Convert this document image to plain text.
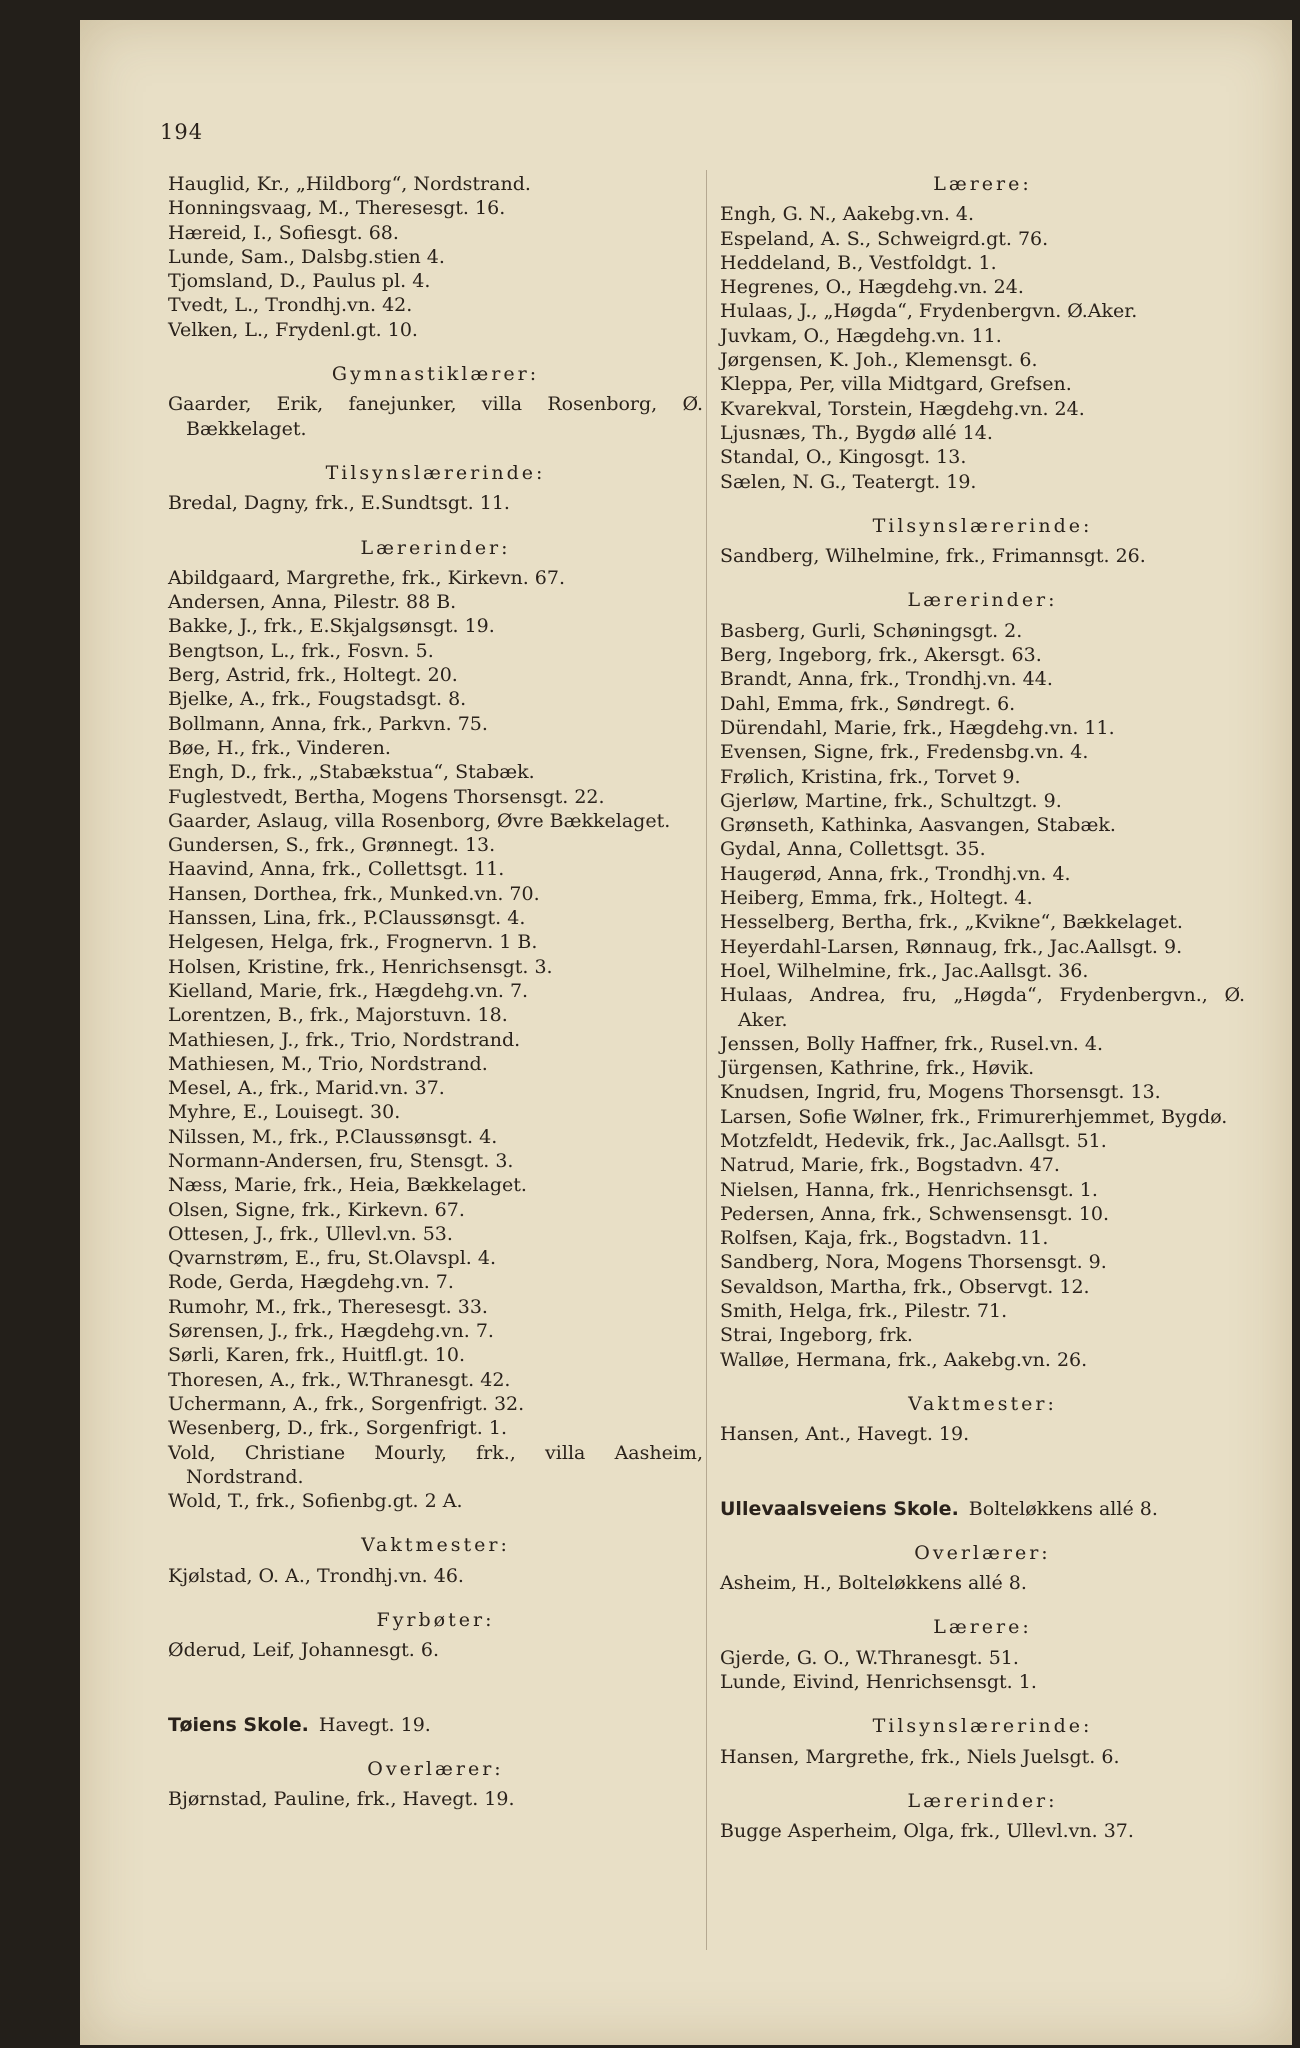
194

Hauglid, Kr., „Hildborg“, Nordstrand.

Honningsvaag, M., Theresesgt. 16.

Hæreid, I., Sofiesgt. 68.

Lunde, Sam., Dalsbg.stien 4.

Tjomsland, D., Paulus pl. 4.

Tvedt, L., Trondhj.vn. 42.

Velken, L., Frydenl.gt. 10.

Gymnastiklærer:

Gaarder, Erik, fanejunker, villa Rosenborg, Ø. Bækkelaget.

Tilsynslærerinde:

Bredal, Dagny, frk., E.Sundtsgt. 11.

Lærerinder:

Abildgaard, Margrethe, frk., Kirkevn. 67.

Andersen, Anna, Pilestr. 88 B.

Bakke, J., frk., E.Skjalgsønsgt. 19.

Bengtson, L., frk., Fosvn. 5.

Berg, Astrid, frk., Holtegt. 20.

Bjelke, A., frk., Fougstadsgt. 8.

Bollmann, Anna, frk., Parkvn. 75.

Bøe, H., frk., Vinderen.

Engh, D., frk., „Stabækstua“, Stabæk.

Fuglestvedt, Bertha, Mogens Thorsensgt. 22.

Gaarder, Aslaug, villa Rosenborg, Øvre Bækkelaget.

Gundersen, S., frk., Grønnegt. 13.

Haavind, Anna, frk., Collettsgt. 11.

Hansen, Dorthea, frk., Munked.vn. 70.

Hanssen, Lina, frk., P.Claussønsgt. 4.

Helgesen, Helga, frk., Frognervn. 1 B.

Holsen, Kristine, frk., Henrichsensgt. 3.

Kielland, Marie, frk., Hægdehg.vn. 7.

Lorentzen, B., frk., Majorstuvn. 18.

Mathiesen, J., frk., Trio, Nordstrand.

Mathiesen, M., Trio, Nordstrand.

Mesel, A., frk., Marid.vn. 37.

Myhre, E., Louisegt. 30.

Nilssen, M., frk., P.Claussønsgt. 4.

Normann-Andersen, fru, Stensgt. 3.

Næss, Marie, frk., Heia, Bækkelaget.

Olsen, Signe, frk., Kirkevn. 67.

Ottesen, J., frk., Ullevl.vn. 53.

Qvarnstrøm, E., fru, St.Olavspl. 4.

Rode, Gerda, Hægdehg.vn. 7.

Rumohr, M., frk., Theresesgt. 33.

Sørensen, J., frk., Hægdehg.vn. 7.

Sørli, Karen, frk., Huitfl.gt. 10.

Thoresen, A., frk., W.Thranesgt. 42.

Uchermann, A., frk., Sorgenfrigt. 32.

Wesenberg, D., frk., Sorgenfrigt. 1.

Vold, Christiane Mourly, frk., villa Aasheim, Nordstrand.

Wold, T., frk., Sofienbg.gt. 2 A.

Vaktmester:

Kjølstad, O. A., Trondhj.vn. 46.

Fyrbøter:

Øderud, Leif, Johannesgt. 6.

Tøiens Skole. Havegt. 19.
Overlærer:

Bjørnstad, Pauline, frk., Havegt. 19.

Lærere:

Engh, G. N., Aakebg.vn. 4.

Espeland, A. S., Schweigrd.gt. 76.

Heddeland, B., Vestfoldgt. 1.

Hegrenes, O., Hægdehg.vn. 24.

Hulaas, J., „Høgda“, Frydenbergvn. Ø.Aker.

Juvkam, O., Hægdehg.vn. 11.

Jørgensen, K. Joh., Klemensgt. 6.

Kleppa, Per, villa Midtgard, Grefsen.

Kvarekval, Torstein, Hægdehg.vn. 24.

Ljusnæs, Th., Bygdø allé 14.

Standal, O., Kingosgt. 13.

Sælen, N. G., Teatergt. 19.

Tilsynslærerinde:

Sandberg, Wilhelmine, frk., Frimannsgt. 26.

Lærerinder:

Basberg, Gurli, Schøningsgt. 2.

Berg, Ingeborg, frk., Akersgt. 63.

Brandt, Anna, frk., Trondhj.vn. 44.

Dahl, Emma, frk., Søndregt. 6.

Dürendahl, Marie, frk., Hægdehg.vn. 11.

Evensen, Signe, frk., Fredensbg.vn. 4.

Frølich, Kristina, frk., Torvet 9.

Gjerløw, Martine, frk., Schultzgt. 9.

Grønseth, Kathinka, Aasvangen, Stabæk.

Gydal, Anna, Collettsgt. 35.

Haugerød, Anna, frk., Trondhj.vn. 4.

Heiberg, Emma, frk., Holtegt. 4.

Hesselberg, Bertha, frk., „Kvikne“, Bækkelaget.

Heyerdahl-Larsen, Rønnaug, frk., Jac.Aallsgt. 9.

Hoel, Wilhelmine, frk., Jac.Aallsgt. 36.

Hulaas, Andrea, fru, „Høgda“, Frydenbergvn., Ø. Aker.

Jenssen, Bolly Haffner, frk., Rusel.vn. 4.

Jürgensen, Kathrine, frk., Høvik.

Knudsen, Ingrid, fru, Mogens Thorsensgt. 13.

Larsen, Sofie Wølner, frk., Frimurerhjemmet, Bygdø.

Motzfeldt, Hedevik, frk., Jac.Aallsgt. 51.

Natrud, Marie, frk., Bogstadvn. 47.

Nielsen, Hanna, frk., Henrichsensgt. 1.

Pedersen, Anna, frk., Schwensensgt. 10.

Rolfsen, Kaja, frk., Bogstadvn. 11.

Sandberg, Nora, Mogens Thorsensgt. 9.

Sevaldson, Martha, frk., Observgt. 12.

Smith, Helga, frk., Pilestr. 71.

Strai, Ingeborg, frk.

Walløe, Hermana, frk., Aakebg.vn. 26.

Vaktmester:

Hansen, Ant., Havegt. 19.

Ullevaalsveiens Skole. Bolteløkkens allé 8.
Overlærer:

Asheim, H., Bolteløkkens allé 8.

Lærere:

Gjerde, G. O., W.Thranesgt. 51.

Lunde, Eivind, Henrichsensgt. 1.

Tilsynslærerinde:

Hansen, Margrethe, frk., Niels Juelsgt. 6.

Lærerinder:

Bugge Asperheim, Olga, frk., Ullevl.vn. 37.
